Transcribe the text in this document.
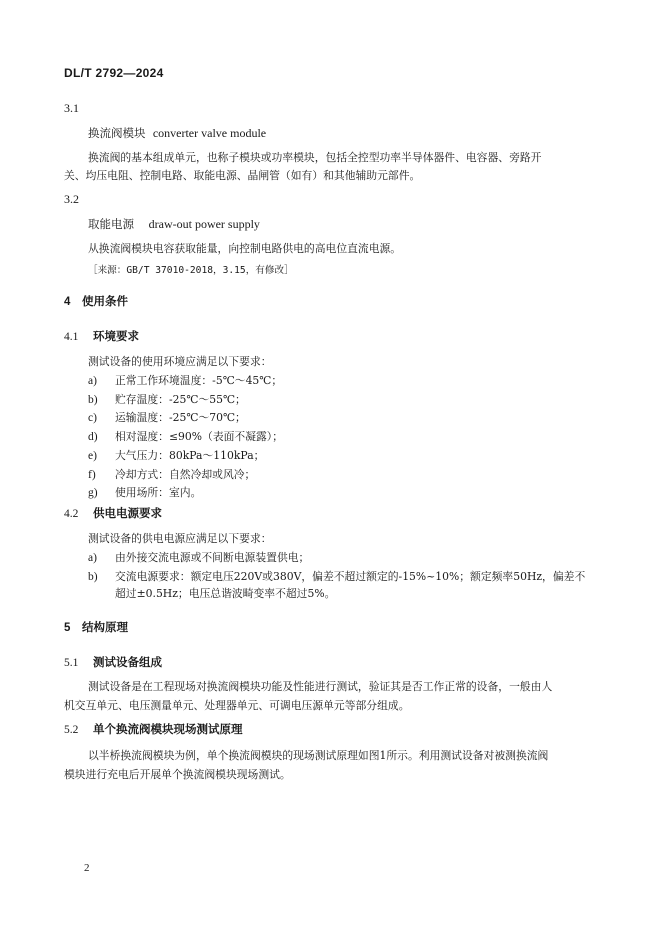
DL/T 2792—2024
3.1
换流阀模块 converter valve module
换流阀的基本组成单元，也称子模块或功率模块，包括全控型功率半导体器件、电容器、旁路开
关、均压电阻、控制电路、取能电源、晶闸管（如有）和其他辅助元部件。
3.2
取能电源 draw-out power supply
从换流阀模块电容获取能量，向控制电路供电的高电位直流电源。
［来源：GB/T 37010-2018，3.15，有修改］
4 使用条件
4.1 环境要求
测试设备的使用环境应满足以下要求：
a) 正常工作环境温度：-5℃～45℃；
b) 贮存温度：-25℃～55℃；
c) 运输温度：-25℃～70℃；
d) 相对湿度：≤90%（表面不凝露）；
e) 大气压力：80kPa～110kPa；
f) 冷却方式：自然冷却或风冷；
g) 使用场所：室内。
4.2 供电电源要求
测试设备的供电电源应满足以下要求：
a) 由外接交流电源或不间断电源装置供电；
b) 交流电源要求：额定电压220V或380V，偏差不超过额定的-15%~10%；额定频率50Hz，偏差不
超过±0.5Hz；电压总谐波畸变率不超过5%。
5 结构原理
5.1 测试设备组成
测试设备是在工程现场对换流阀模块功能及性能进行测试，验证其是否工作正常的设备，一般由人
机交互单元、电压测量单元、处理器单元、可调电压源单元等部分组成。
5.2 单个换流阀模块现场测试原理
以半桥换流阀模块为例，单个换流阀模块的现场测试原理如图1所示。利用测试设备对被测换流阀
模块进行充电后开展单个换流阀模块现场测试。
2
